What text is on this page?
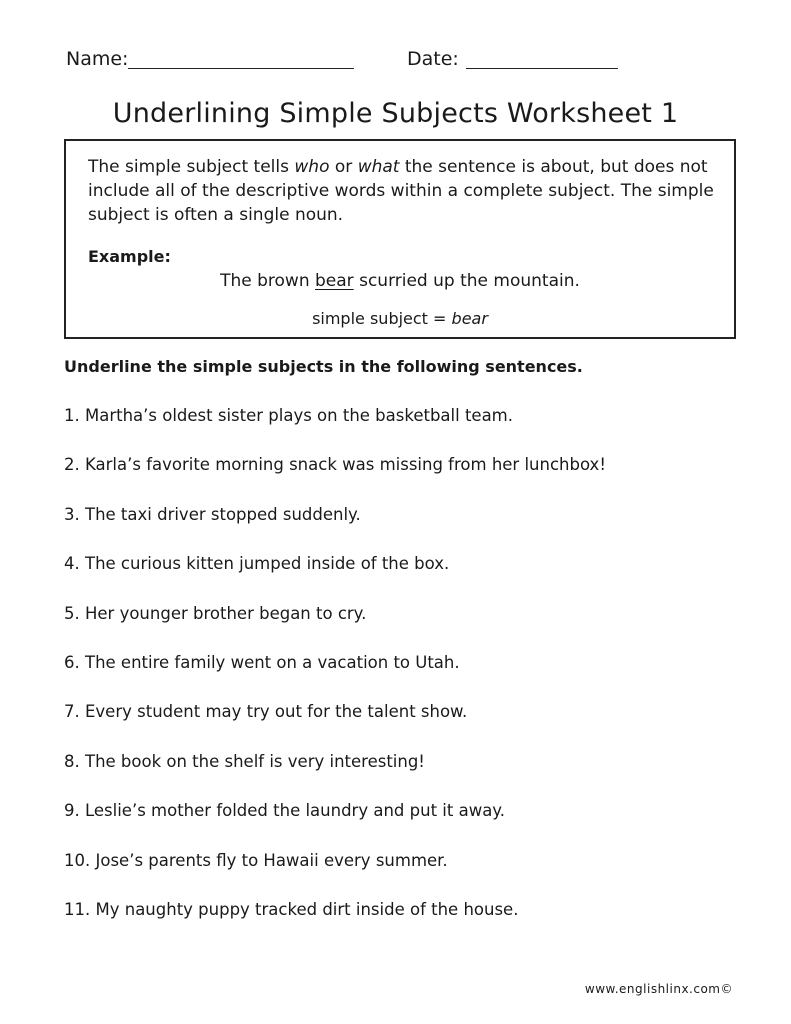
Name:	Date:
Underlining Simple Subjects Worksheet 1

The simple subject tells who or what the sentence is about, but does not include all of the descriptive words within a complete subject. The simple subject is often a single noun.

Example:
The brown bear scurried up the mountain.
simple subject = bear
Underline the simple subjects in the following sentences.
1. Martha’s oldest sister plays on the basketball team.
2. Karla’s favorite morning snack was missing from her lunchbox!
3. The taxi driver stopped suddenly.
4. The curious kitten jumped inside of the box.
5. Her younger brother began to cry.
6. The entire family went on a vacation to Utah.
7. Every student may try out for the talent show.
8. The book on the shelf is very interesting!
9. Leslie’s mother folded the laundry and put it away.
10. Jose’s parents fly to Hawaii every summer.
11. My naughty puppy tracked dirt inside of the house.
www.englishlinx.com©
